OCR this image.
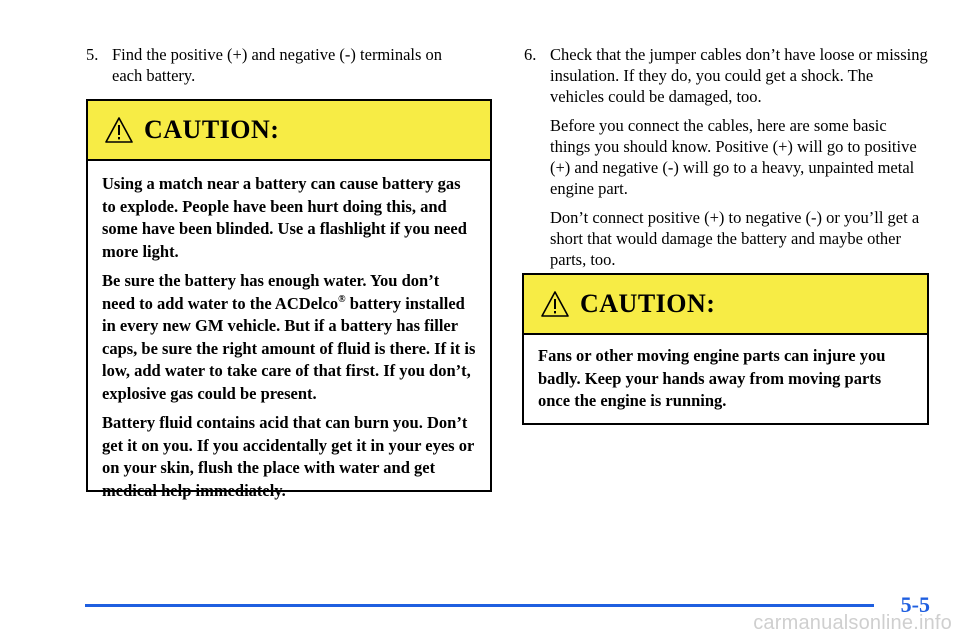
5. Find the positive (+) and negative (-) terminals on
each battery.
CAUTION:

Using a match near a battery can cause battery gas to explode. People have been hurt doing this, and some have been blinded. Use a flashlight if you need more light.

Be sure the battery has enough water. You don’t need to add water to the ACDelco® battery installed in every new GM vehicle. But if a battery has filler caps, be sure the right amount of fluid is there. If it is low, add water to take care of that first. If you don’t, explosive gas could be present.

Battery fluid contains acid that can burn you. Don’t get it on you. If you accidentally get it in your eyes or on your skin, flush the place with water and get medical help immediately.

6. Check that the jumper cables don’t have loose or missing insulation. If they do, you could get a shock. The vehicles could be damaged, too.

Before you connect the cables, here are some basic things you should know. Positive (+) will go to positive (+) and negative (-) will go to a heavy, unpainted metal engine part.

Don’t connect positive (+) to negative (-) or you’ll get a short that would damage the battery and maybe other parts, too.

CAUTION:

Fans or other moving engine parts can injure you badly. Keep your hands away from moving parts once the engine is running.

5-5
carmanualsonline.info
